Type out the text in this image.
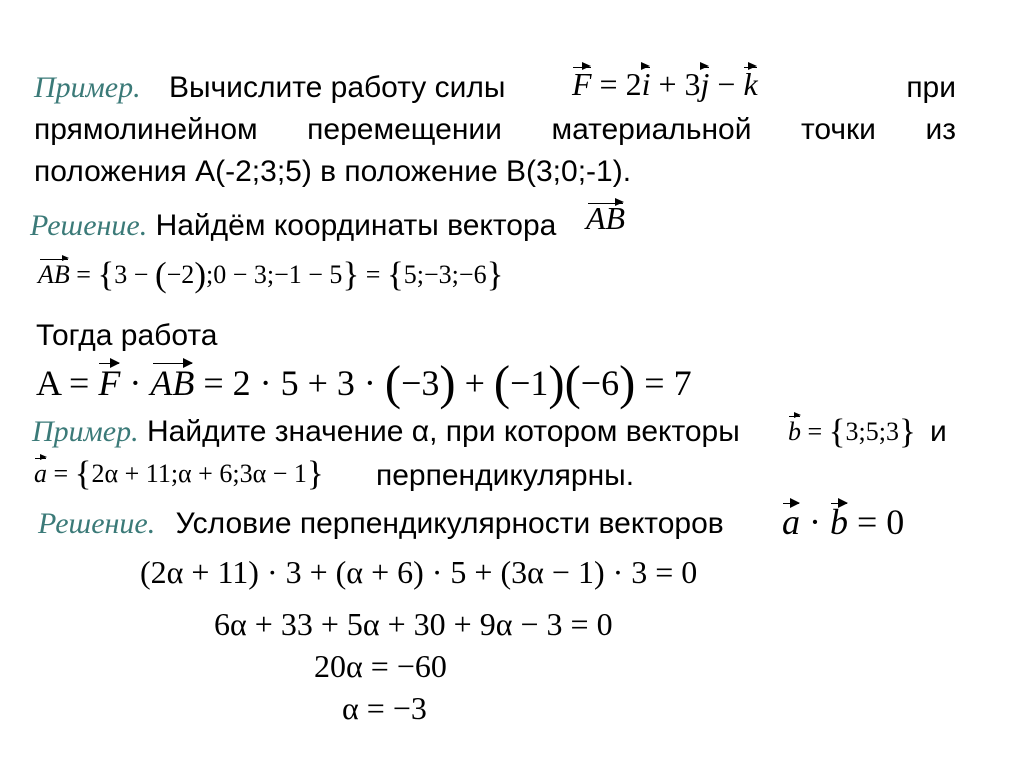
Пример. Вычислите работу силы	при
F = 2i + 3j − k
прямолинейном перемещении материальной точки из
положения A(-2;3;5) в положение B(3;0;-1).
Решение. Найдём координаты вектора AB
AB = {3 − (−2);0 − 3;−1 − 5} = {5;−3;−6}
Тогда работа
A = F · AB = 2 · 5 + 3 · (−3) + (−1)(−6) = 7
Пример. Найдите значение α, при котором векторы b = {3;5;3} и
a = {2α + 11;α + 6;3α − 1} перпендикулярны.
Решение. Условие перпендикулярности векторов a · b = 0
(2α + 11) · 3 + (α + 6) · 5 + (3α − 1) · 3 = 0
6α + 33 + 5α + 30 + 9α − 3 = 0
20α = −60
α = −3
